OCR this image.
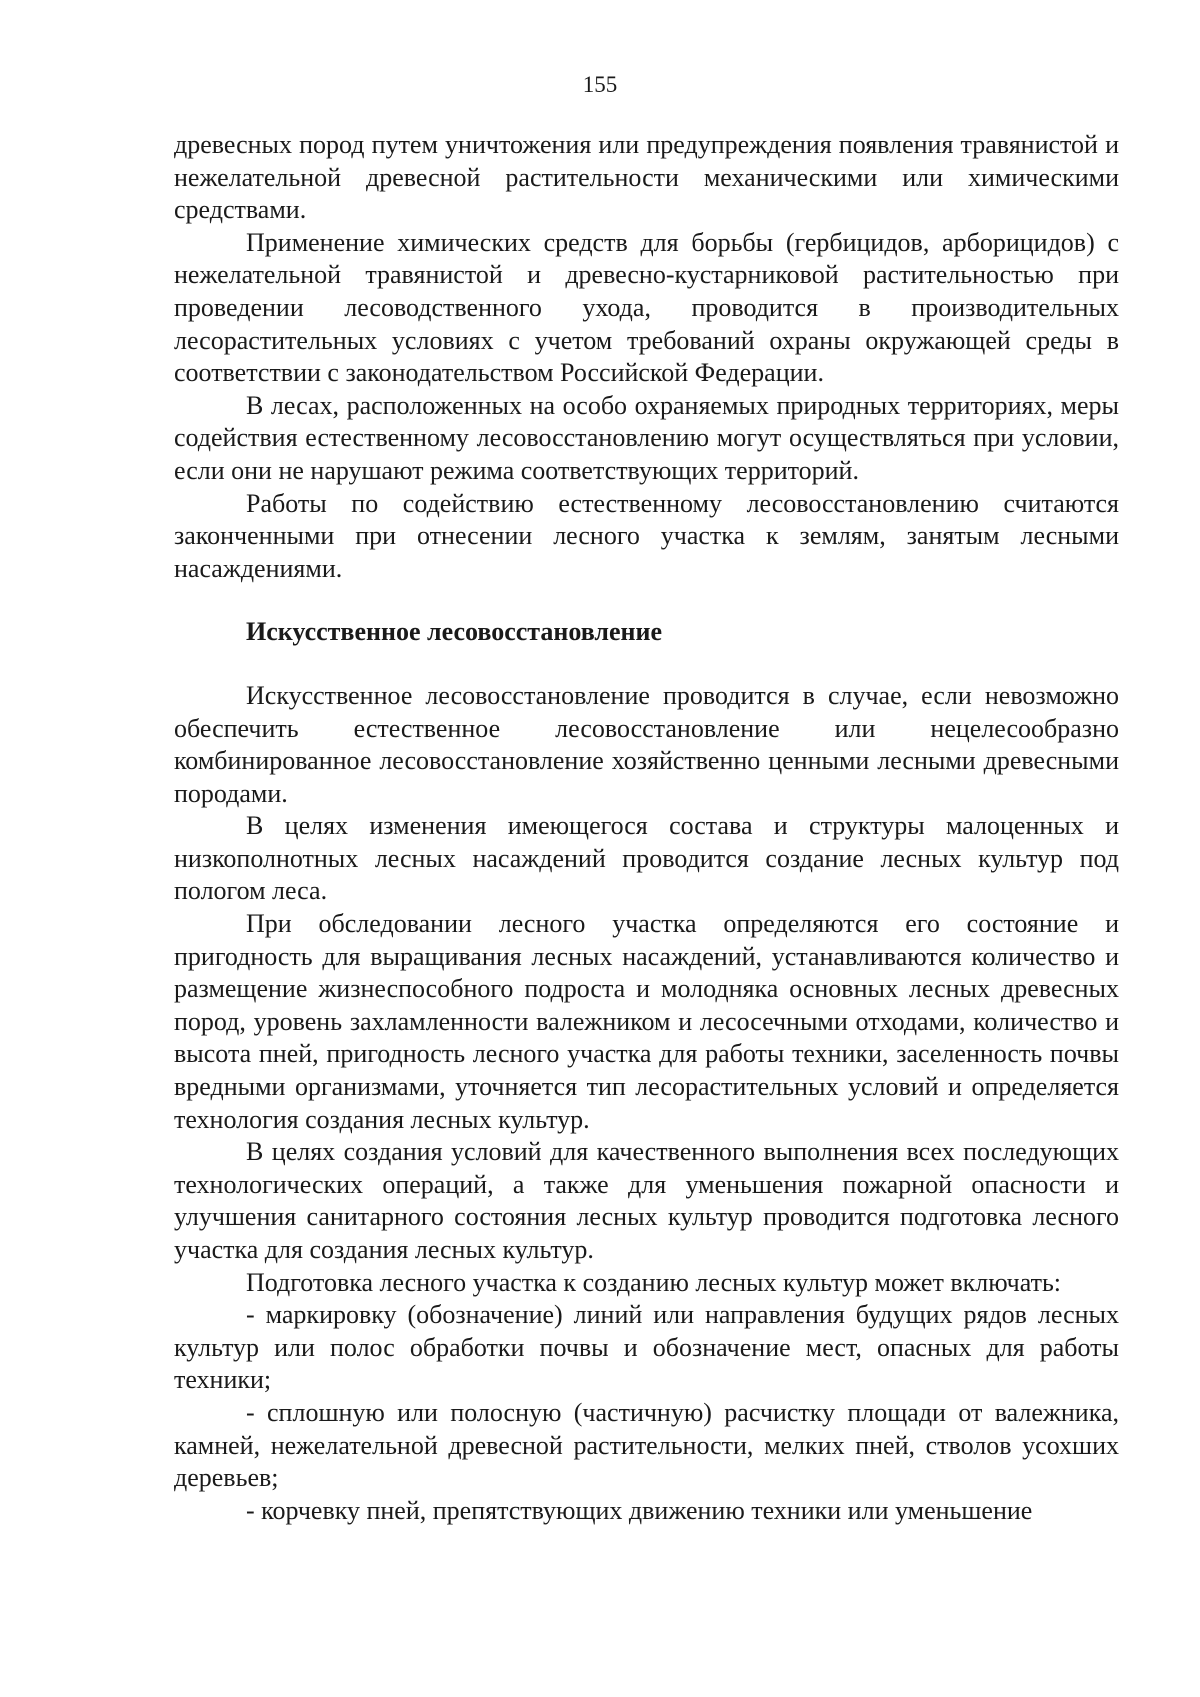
155

древесных пород путем уничтожения или предупреждения появления травянистой и нежелательной древесной растительности механическими или химическими средствами.

Применение химических средств для борьбы (гербицидов, арборицидов) с нежелательной травянистой и древесно-кустарниковой растительностью при проведении лесоводственного ухода, проводится в производительных лесорастительных условиях с учетом требований охраны окружающей среды в соответствии с законодательством Российской Федерации.

В лесах, расположенных на особо охраняемых природных территориях, меры содействия естественному лесовосстановлению могут осуществляться при условии, если они не нарушают режима соответствующих территорий.

Работы по содействию естественному лесовосстановлению считаются законченными при отнесении лесного участка к землям, занятым лесными насаждениями.

Искусственное лесовосстановление

Искусственное лесовосстановление проводится в случае, если невозможно обеспечить естественное лесовосстановление или нецелесообразно комбинированное лесовосстановление хозяйственно ценными лесными древесными породами.

В целях изменения имеющегося состава и структуры малоценных и низкополнотных лесных насаждений проводится создание лесных культур под пологом леса.

При обследовании лесного участка определяются его состояние и пригодность для выращивания лесных насаждений, устанавливаются количество и размещение жизнеспособного подроста и молодняка основных лесных древесных пород, уровень захламленности валежником и лесосечными отходами, количество и высота пней, пригодность лесного участка для работы техники, заселенность почвы вредными организмами, уточняется тип лесорастительных условий и определяется технология создания лесных культур.

В целях создания условий для качественного выполнения всех последующих технологических операций, а также для уменьшения пожарной опасности и улучшения санитарного состояния лесных культур проводится подготовка лесного участка для создания лесных культур.

Подготовка лесного участка к созданию лесных культур может включать:

- маркировку (обозначение) линий или направления будущих рядов лесных культур или полос обработки почвы и обозначение мест, опасных для работы техники;

- сплошную или полосную (частичную) расчистку площади от валежника, камней, нежелательной древесной растительности, мелких пней, стволов усохших деревьев;

- корчевку пней, препятствующих движению техники или уменьшение
